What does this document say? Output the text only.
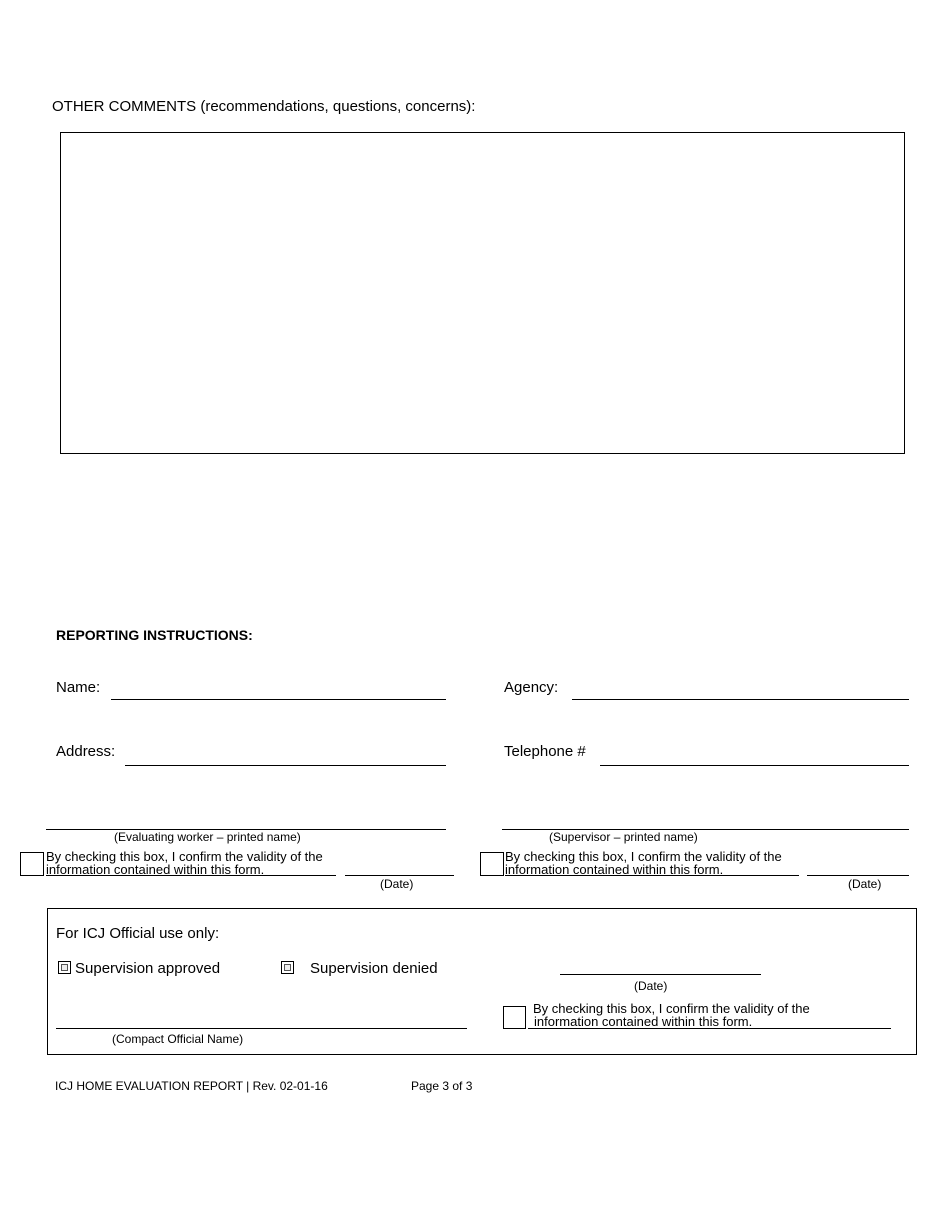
OTHER COMMENTS (recommendations, questions, concerns):
REPORTING INSTRUCTIONS:
Name:	Agency:
Address:	Telephone #
(Evaluating worker – printed name)
By checking this box, I confirm the validity of the
information contained within this form.
(Date)
(Supervisor – printed name)
By checking this box, I confirm the validity of the
information contained within this form.
(Date)
For ICJ Official use only:
Supervision approved	Supervision denied
(Date)
By checking this box, I confirm the validity of the
information contained within this form.
(Compact Official Name)
ICJ HOME EVALUATION REPORT | Rev. 02-01-16	Page 3 of 3
